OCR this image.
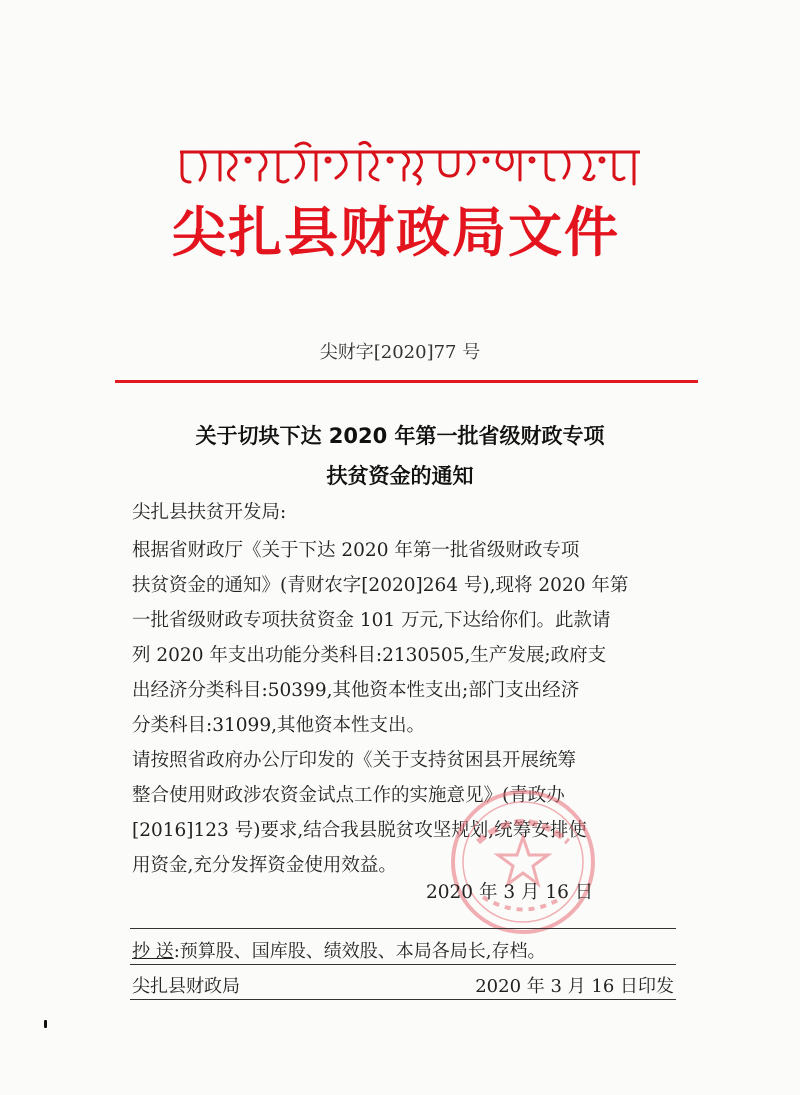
尖扎县财政局文件
尖财字[2020]77 号
关于切块下达 2020 年第一批省级财政专项
扶贫资金的通知
尖扎县扶贫开发局:
根据省财政厅《关于下达 2020 年第一批省级财政专项
扶贫资金的通知》(青财农字[2020]264 号),现将 2020 年第
一批省级财政专项扶贫资金 101 万元,下达给你们。此款请
列 2020 年支出功能分类科目:2130505,生产发展;政府支
出经济分类科目:50399,其他资本性支出;部门支出经济
分类科目:31099,其他资本性支出。
请按照省政府办公厅印发的《关于支持贫困县开展统筹
整合使用财政涉农资金试点工作的实施意见》(青政办
[2016]123 号)要求,结合我县脱贫攻坚规划,统筹安排使
用资金,充分发挥资金使用效益。
2020 年 3 月 16 日
抄 送:预算股、国库股、绩效股、本局各局长,存档。
尖扎县财政局	2020 年 3 月 16 日印发
